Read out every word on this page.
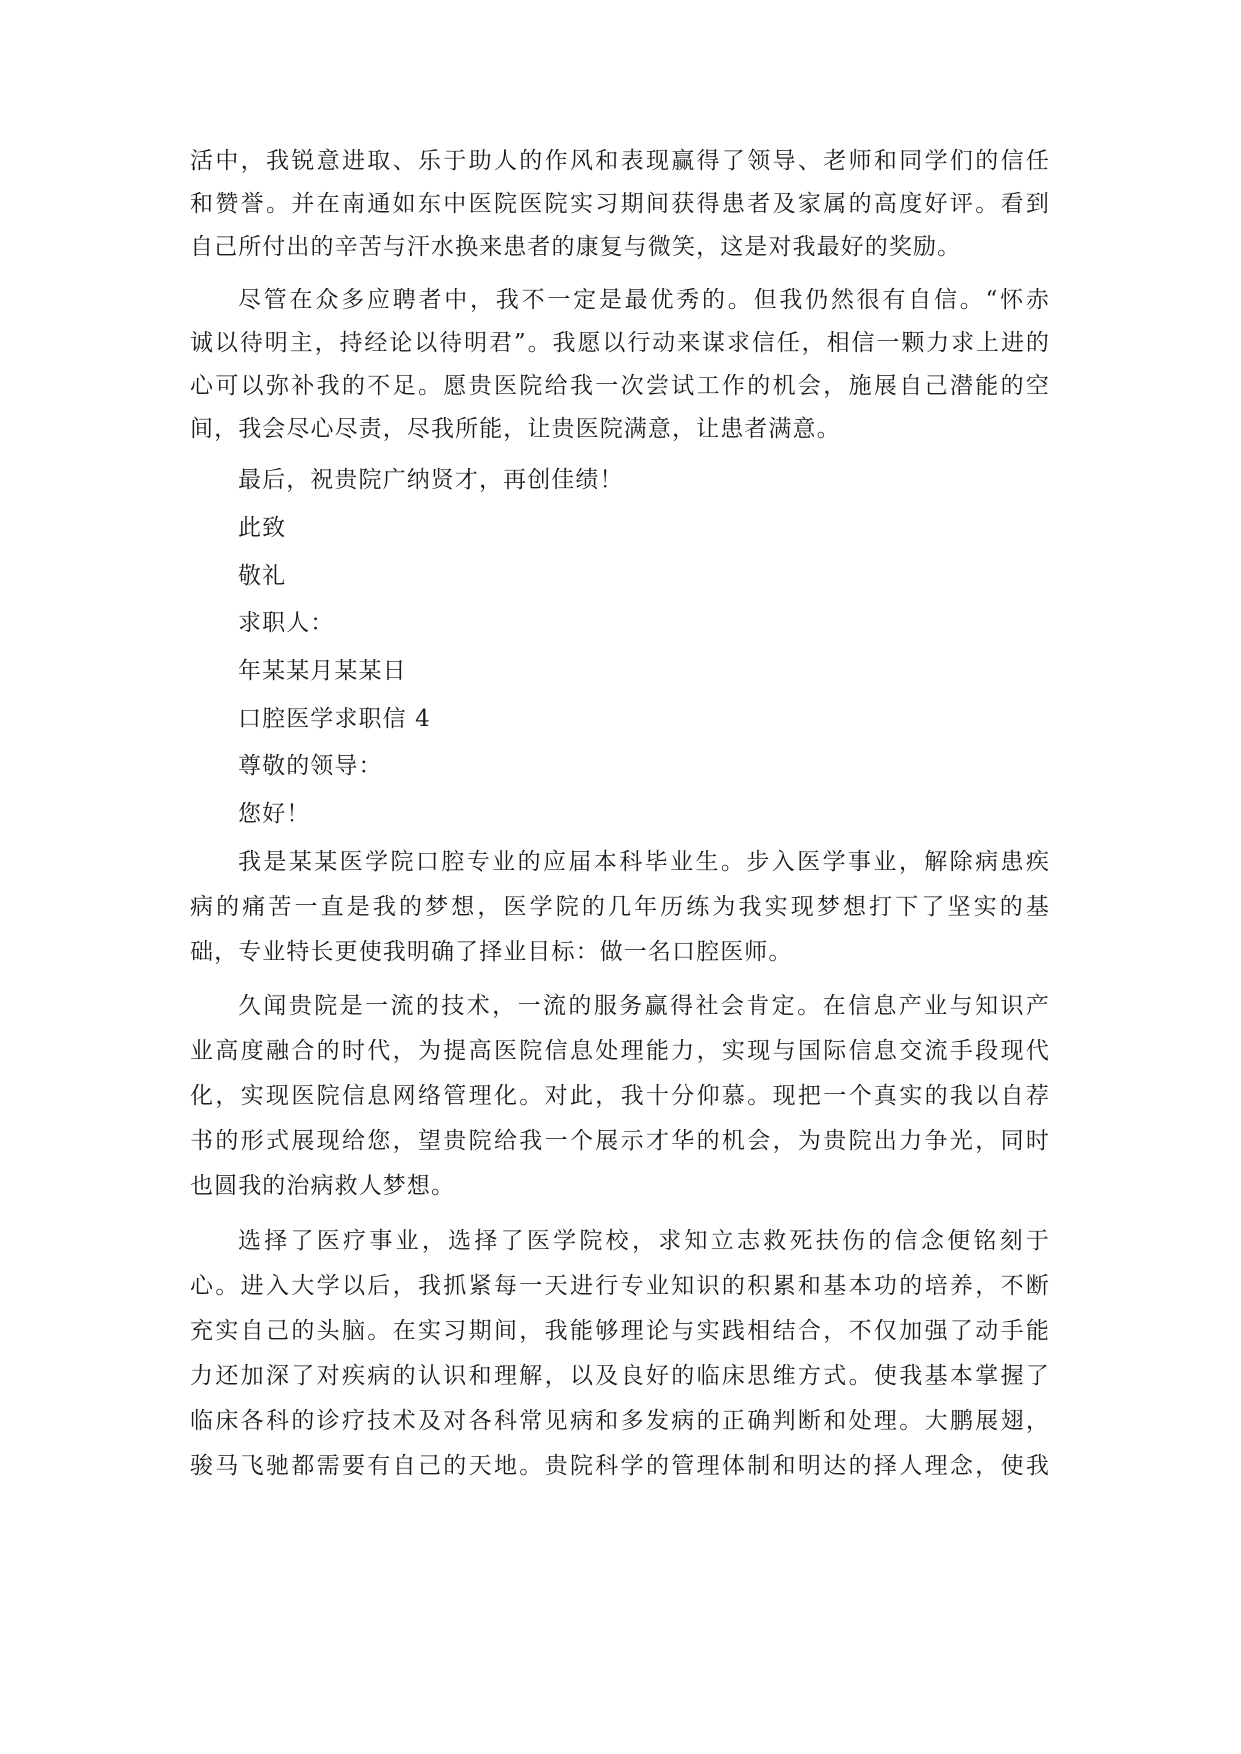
活中，我锐意进取、乐于助人的作风和表现赢得了领导、老师和同学们的信任
和赞誉。并在南通如东中医院医院实习期间获得患者及家属的高度好评。看到
自己所付出的辛苦与汗水换来患者的康复与微笑，这是对我最好的奖励。
尽管在众多应聘者中，我不一定是最优秀的。但我仍然很有自信。“怀赤
诚以待明主，持经论以待明君”。我愿以行动来谋求信任，相信一颗力求上进的
心可以弥补我的不足。愿贵医院给我一次尝试工作的机会，施展自己潜能的空
间，我会尽心尽责，尽我所能，让贵医院满意，让患者满意。
最后，祝贵院广纳贤才，再创佳绩！
此致
敬礼
求职人：
年某某月某某日
口腔医学求职信 4
尊敬的领导：
您好！
我是某某医学院口腔专业的应届本科毕业生。步入医学事业，解除病患疾
病的痛苦一直是我的梦想，医学院的几年历练为我实现梦想打下了坚实的基
础，专业特长更使我明确了择业目标：做一名口腔医师。
久闻贵院是一流的技术，一流的服务赢得社会肯定。在信息产业与知识产
业高度融合的时代，为提高医院信息处理能力，实现与国际信息交流手段现代
化，实现医院信息网络管理化。对此，我十分仰慕。现把一个真实的我以自荐
书的形式展现给您，望贵院给我一个展示才华的机会，为贵院出力争光，同时
也圆我的治病救人梦想。
选择了医疗事业，选择了医学院校，求知立志救死扶伤的信念便铭刻于
心。进入大学以后，我抓紧每一天进行专业知识的积累和基本功的培养，不断
充实自己的头脑。在实习期间，我能够理论与实践相结合，不仅加强了动手能
力还加深了对疾病的认识和理解，以及良好的临床思维方式。使我基本掌握了
临床各科的诊疗技术及对各科常见病和多发病的正确判断和处理。大鹏展翅，
骏马飞驰都需要有自己的天地。贵院科学的管理体制和明达的择人理念，使我
